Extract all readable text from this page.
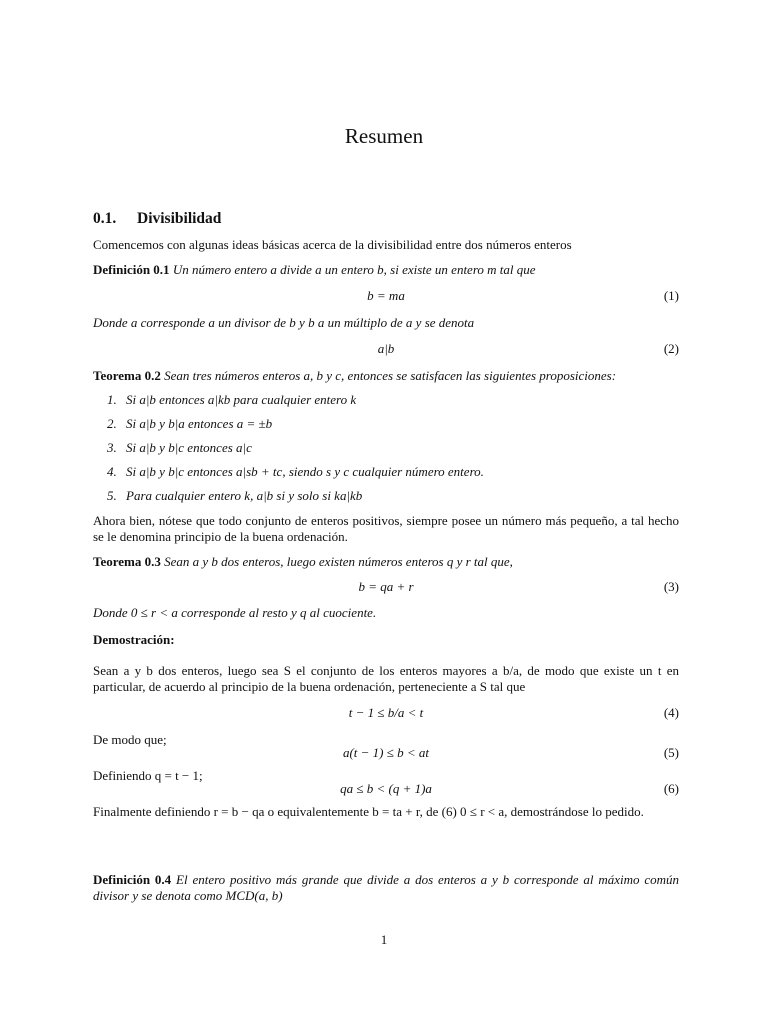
Resumen
0.1. Divisibilidad
Comencemos con algunas ideas básicas acerca de la divisibilidad entre dos números enteros
Definición 0.1 Un número entero a divide a un entero b, si existe un entero m tal que
b = ma	(1)
Donde a corresponde a un divisor de b y b a un múltiplo de a y se denota
a|b	(2)
Teorema 0.2 Sean tres números enteros a, b y c, entonces se satisfacen las siguientes proposiciones:
1. Si a|b entonces a|kb para cualquier entero k
2. Si a|b y b|a entonces a = ±b
3. Si a|b y b|c entonces a|c
4. Si a|b y b|c entonces a|sb + tc, siendo s y c cualquier número entero.
5. Para cualquier entero k, a|b si y solo si ka|kb
Ahora bien, nótese que todo conjunto de enteros positivos, siempre posee un número más pequeño, a tal hecho se le denomina principio de la buena ordenación.
Teorema 0.3 Sean a y b dos enteros, luego existen números enteros q y r tal que,
b = qa + r	(3)
Donde 0 ≤ r < a corresponde al resto y q al cuociente.
Demostración:
Sean a y b dos enteros, luego sea S el conjunto de los enteros mayores a b/a, de modo que existe un t en particular, de acuerdo al principio de la buena ordenación, perteneciente a S tal que
t − 1 ≤ b/a < t	(4)
De modo que;
a(t − 1) ≤ b < at	(5)
Definiendo q = t − 1;
qa ≤ b < (q + 1)a	(6)
Finalmente definiendo r = b − qa o equivalentemente b = ta + r, de (6) 0 ≤ r < a, demostrándose lo pedido.
Definición 0.4 El entero positivo más grande que divide a dos enteros a y b corresponde al máximo común divisor y se denota como MCD(a, b)
1
